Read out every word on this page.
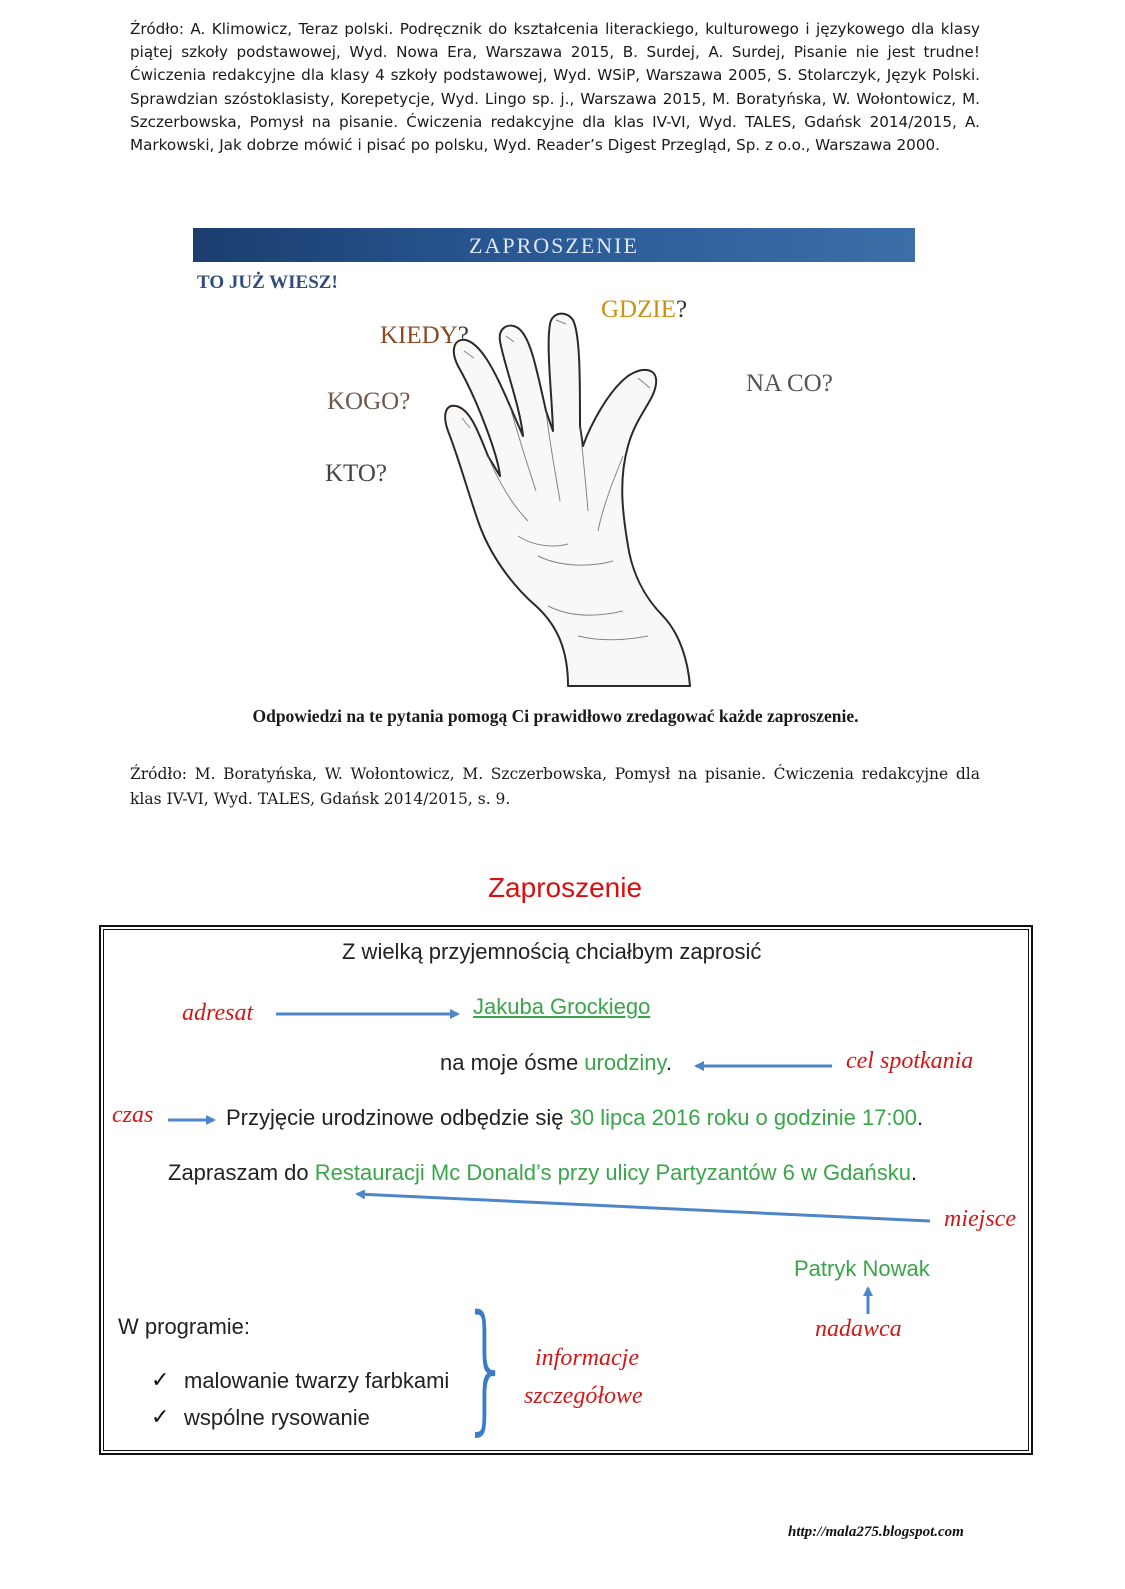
Źródło: A. Klimowicz, Teraz polski. Podręcznik do kształcenia literackiego, kulturowego i językowego dla klasy piątej szkoły podstawowej, Wyd. Nowa Era, Warszawa 2015, B. Surdej, A. Surdej, Pisanie nie jest trudne! Ćwiczenia redakcyjne dla klasy 4 szkoły podstawowej, Wyd. WSiP, Warszawa 2005, S. Stolarczyk, Język Polski. Sprawdzian szóstoklasisty, Korepetycje, Wyd. Lingo sp. j., Warszawa 2015, M. Boratyńska, W. Wołontowicz, M. Szczerbowska, Pomysł na pisanie. Ćwiczenia redakcyjne dla klas IV-VI, Wyd. TALES, Gdańsk 2014/2015, A. Markowski, Jak dobrze mówić i pisać po polsku, Wyd. Reader’s Digest Przegląd, Sp. z o.o., Warszawa 2000.
ZAPROSZENIE
TO JUŻ WIESZ!
GDZIE?
KIEDY?
KOGO?
NA CO?
KTO?
Odpowiedzi na te pytania pomogą Ci prawidłowo zredagować każde zaproszenie.
Źródło: M. Boratyńska, W. Wołontowicz, M. Szczerbowska, Pomysł na pisanie. Ćwiczenia redakcyjne dla klas IV-VI, Wyd. TALES, Gdańsk 2014/2015, s. 9.
Zaproszenie
Z wielką przyjemnością chciałbym zaprosić
Jakuba Grockiego
na moje ósme urodziny.
Przyjęcie urodzinowe odbędzie się 30 lipca 2016 roku o godzinie 17:00.
Zapraszam do Restauracji Mc Donald’s przy ulicy Partyzantów 6 w Gdańsku.
Patryk Nowak
W programie:
✓ malowanie twarzy farbkami
✓ wspólne rysowanie }
adresat
cel spotkania
czas
miejsce
nadawca
informacje
szczegółowe
http://mala275.blogspot.com
